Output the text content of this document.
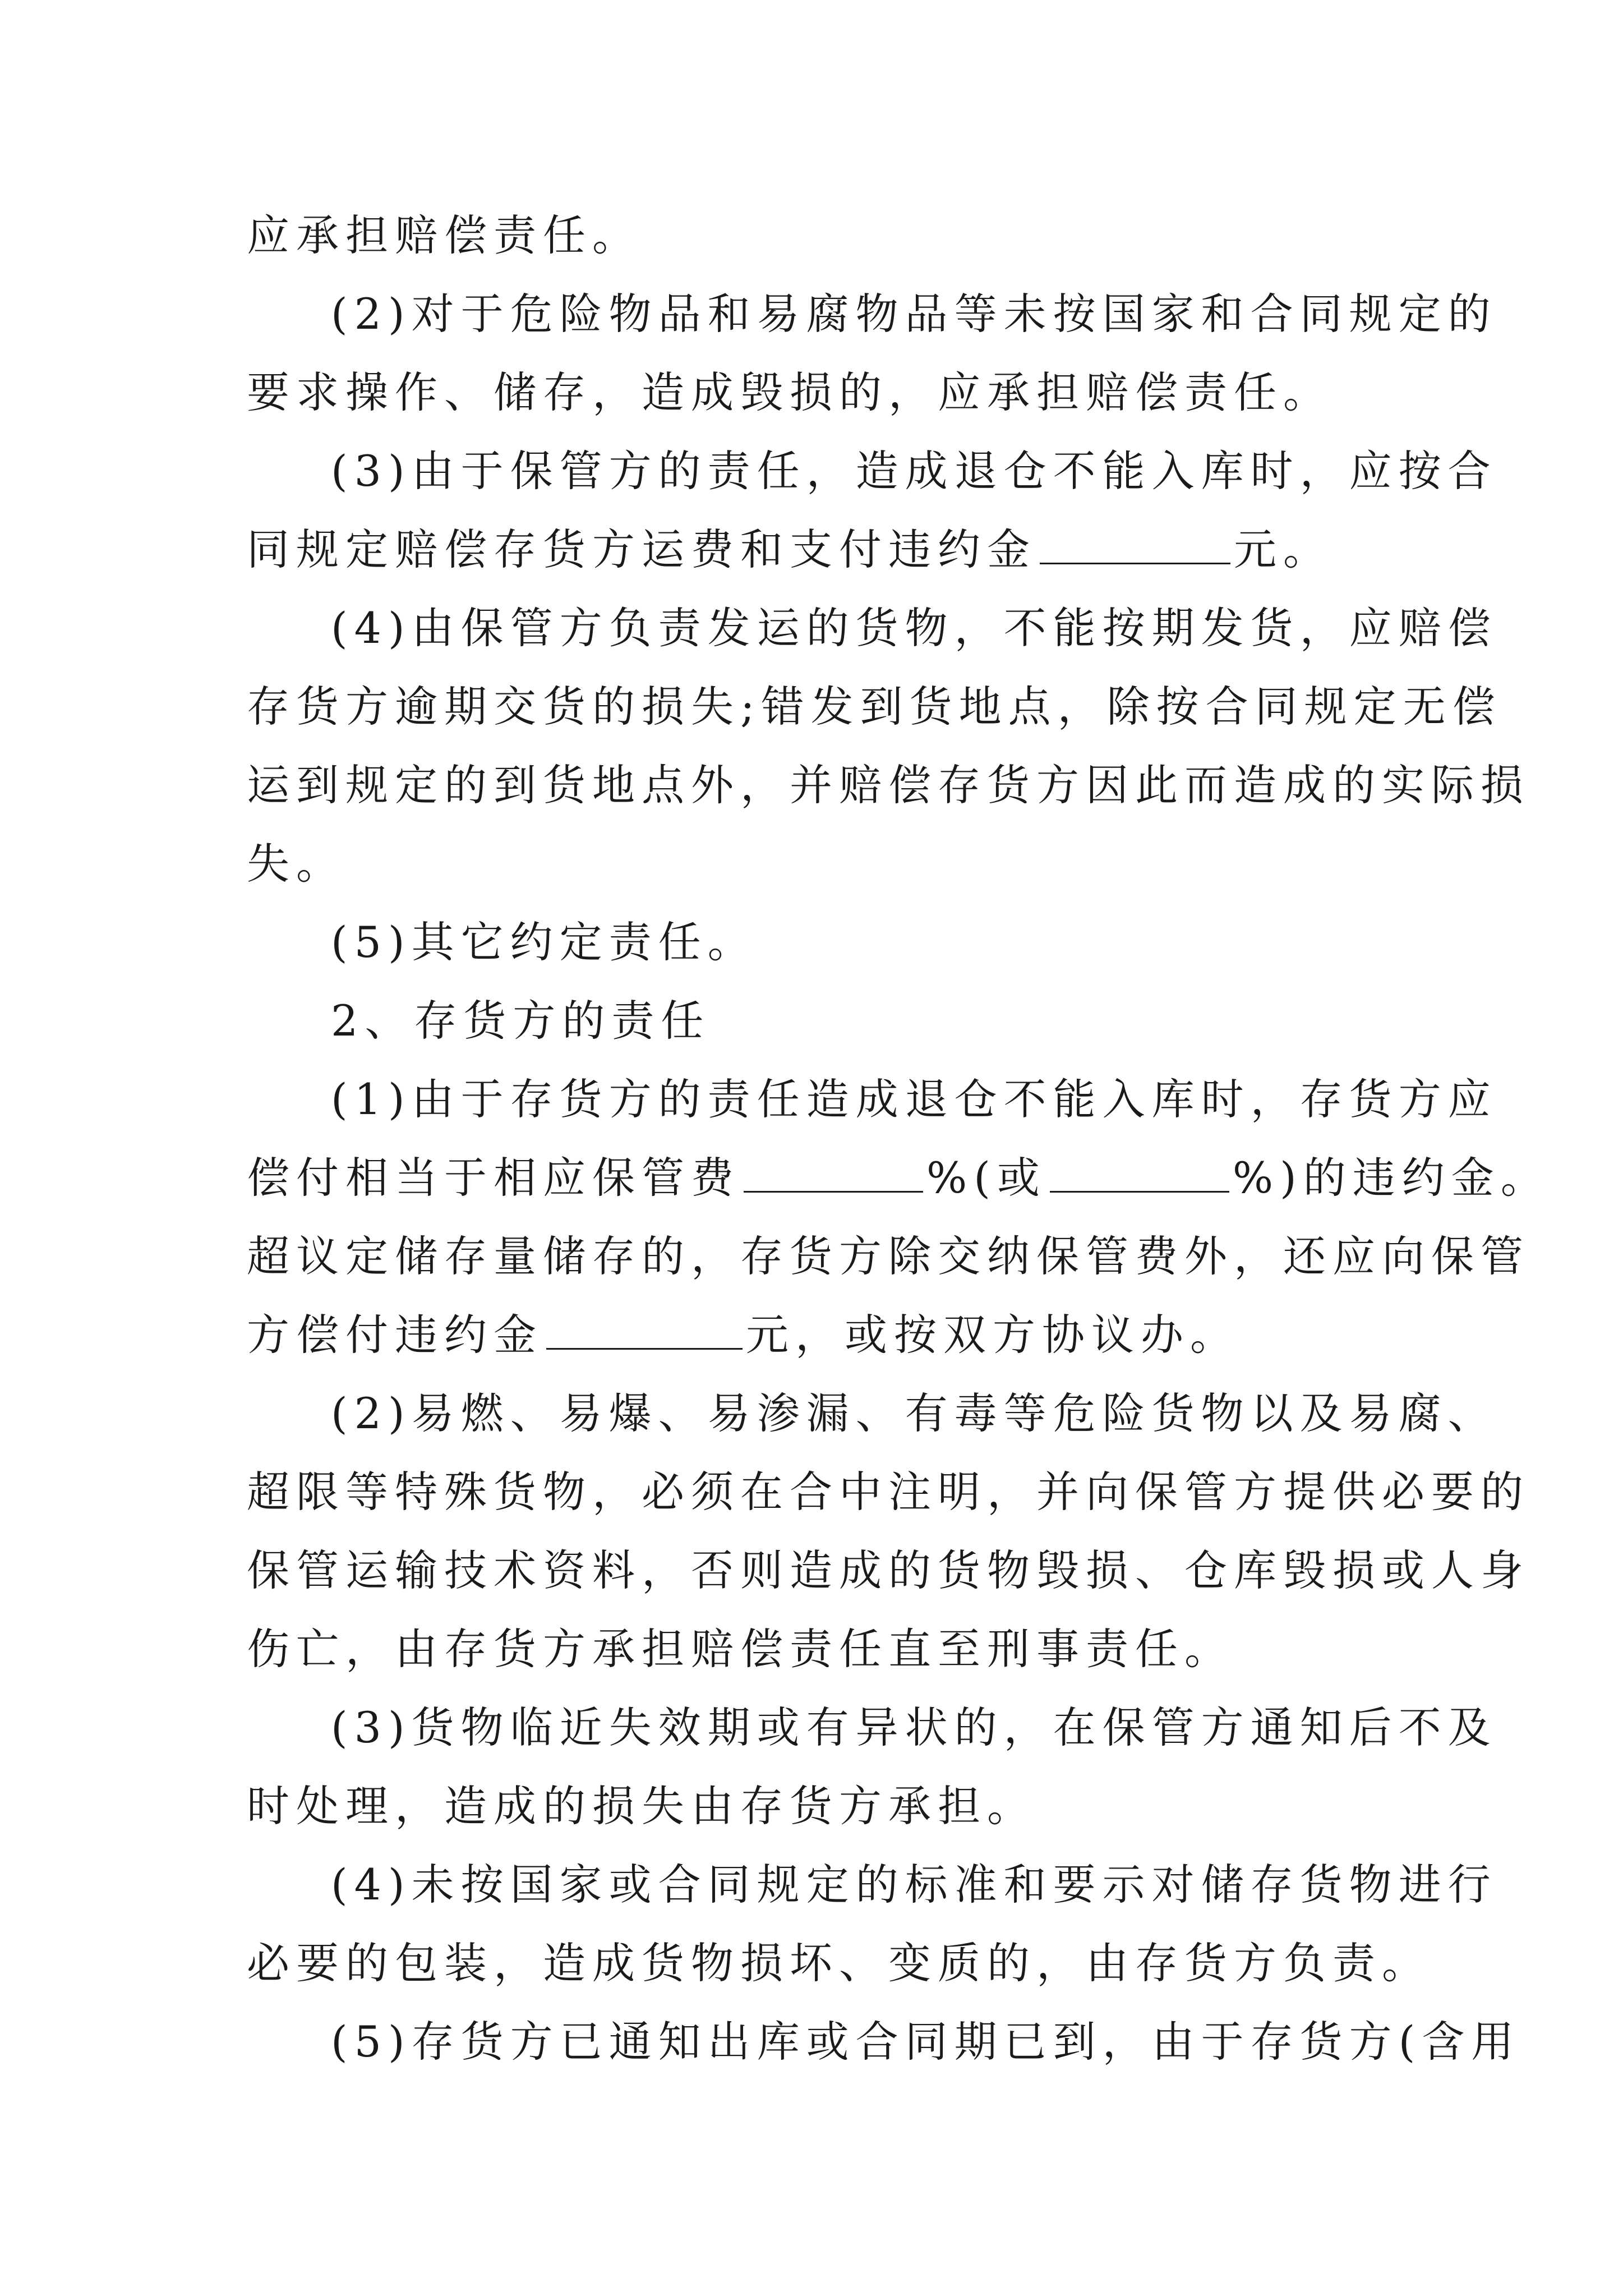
应承担赔偿责任。
(2)对于危险物品和易腐物品等未按国家和合同规定的
要求操作、储存，造成毁损的，应承担赔偿责任。
(3)由于保管方的责任，造成退仓不能入库时，应按合
同规定赔偿存货方运费和支付违约金	元。
(4)由保管方负责发运的货物，不能按期发货，应赔偿
存货方逾期交货的损失;错发到货地点，除按合同规定无偿
运到规定的到货地点外，并赔偿存货方因此而造成的实际损
失。
(5)其它约定责任。
2、存货方的责任
(1)由于存货方的责任造成退仓不能入库时，存货方应
偿付相当于相应保管费	%(或	%)的违约金。
超议定储存量储存的，存货方除交纳保管费外，还应向保管
方偿付违约金	元，或按双方协议办。
(2)易燃、易爆、易渗漏、有毒等危险货物以及易腐、
超限等特殊货物，必须在合中注明，并向保管方提供必要的
保管运输技术资料，否则造成的货物毁损、仓库毁损或人身
伤亡，由存货方承担赔偿责任直至刑事责任。
(3)货物临近失效期或有异状的，在保管方通知后不及
时处理，造成的损失由存货方承担。
(4)未按国家或合同规定的标准和要示对储存货物进行
必要的包装，造成货物损坏、变质的，由存货方负责。
(5)存货方已通知出库或合同期已到，由于存货方(含用
